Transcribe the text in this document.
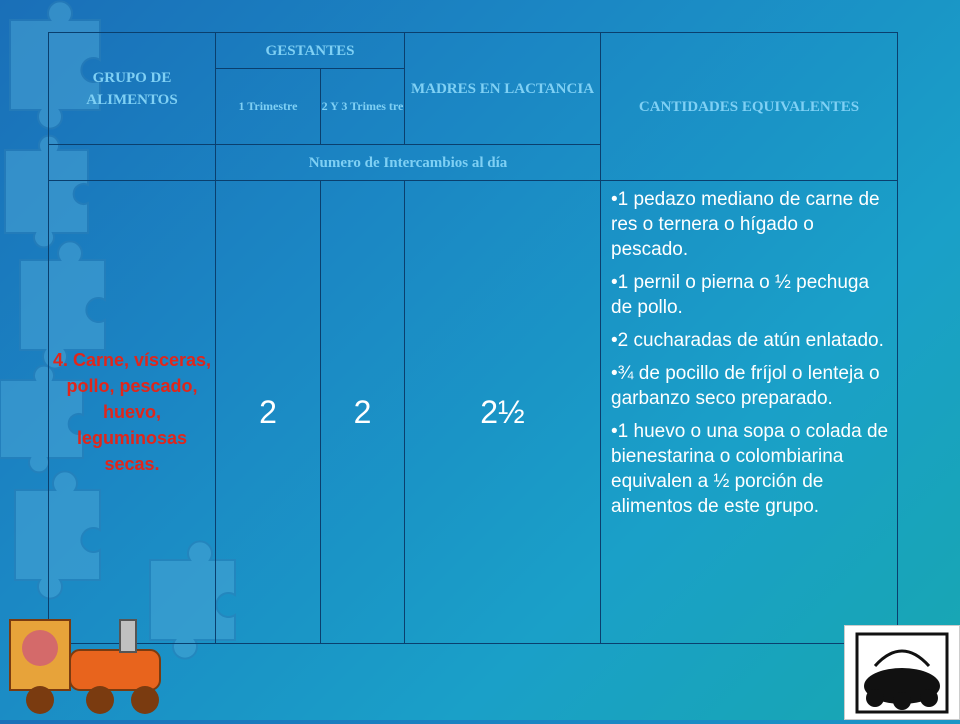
GRUPO DE ALIMENTOS	GESTANTES		MADRES EN LACTANCIA	CANTIDADES EQUIVALENTES
	1 Trimestre	2 Y 3 Trimes tre		
	Numero de Intercambios al día			
4. Carne, vísceras, pollo, pescado, huevo, leguminosas secas.	2	2	2½	•1 pedazo mediano de carne de res o ternera o hígado o pescado.

•1 pernil o pierna o ½ pechuga de pollo.

•2 cucharadas de atún enlatado.

•¾ de pocillo de fríjol o lenteja o garbanzo seco preparado.

•1 huevo o una sopa o colada de bienestarina o colombiarina equivalen a ½ porción de alimentos de este grupo.
